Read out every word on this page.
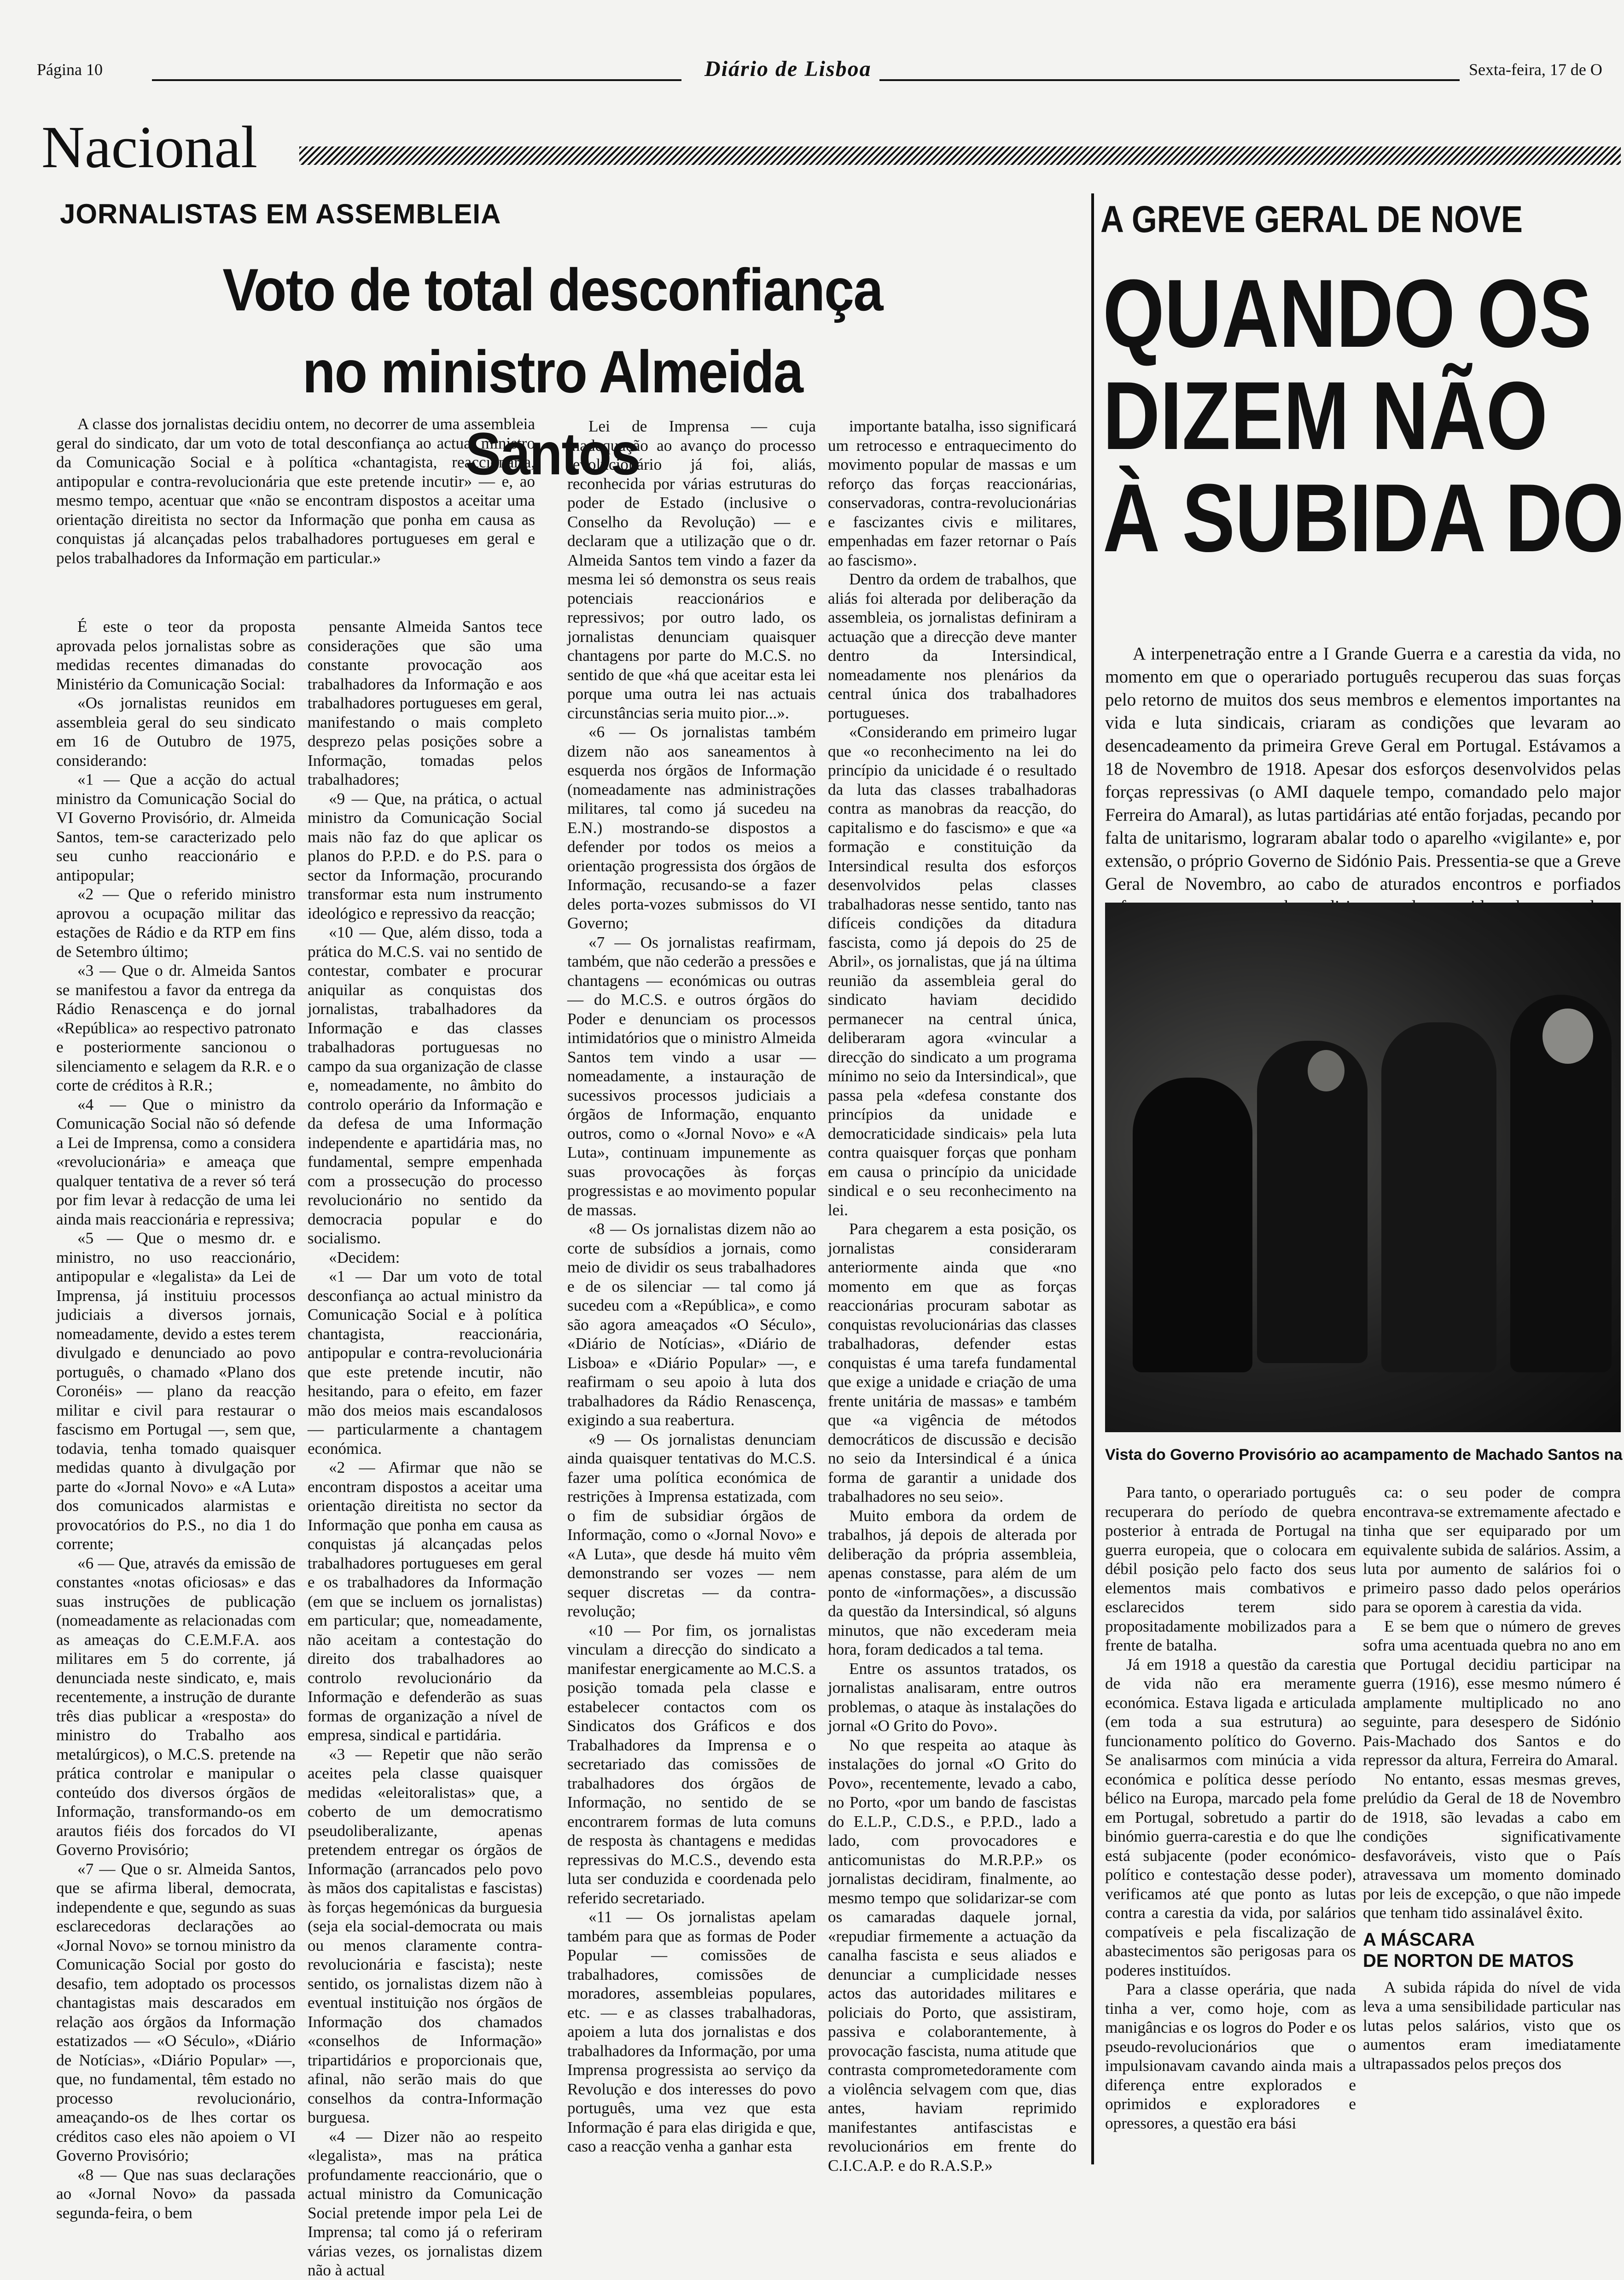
Página 10	Diário de Lisboa	Sexta-feira, 17 de O
Nacional
JORNALISTAS EM ASSEMBLEIA
Voto de total desconfiança
no ministro Almeida Santos

A classe dos jornalistas decidiu ontem, no decorrer de uma assembleia geral do sindicato, dar um voto de total desconfiança ao actual ministro da Comunicação Social e à política «chantagista, reaccionária, antipopular e contra-revolucionária que este pretende incutir» — e, ao mesmo tempo, acentuar que «não se encontram dispostos a aceitar uma orientação direitista no sector da Informação que ponha em causa as conquistas já alcançadas pelos trabalhadores portugueses em geral e pelos trabalhadores da Informação em particular.»

É este o teor da proposta aprovada pelos jornalistas sobre as medidas recentes dimanadas do Ministério da Comunicação Social:

«Os jornalistas reunidos em assembleia geral do seu sindicato em 16 de Outubro de 1975, considerando:

«1 — Que a acção do actual ministro da Comunicação Social do VI Governo Provisório, dr. Almeida Santos, tem-se caracterizado pelo seu cunho reaccionário e antipopular;

«2 — Que o referido ministro aprovou a ocupação militar das estações de Rádio e da RTP em fins de Setembro último;

«3 — Que o dr. Almeida Santos se manifestou a favor da entrega da Rádio Renascença e do jornal «República» ao respectivo patronato e posteriormente sancionou o silenciamento e selagem da R.R. e o corte de créditos à R.R.;

«4 — Que o ministro da Comunicação Social não só defende a Lei de Imprensa, como a considera «revolucionária» e ameaça que qualquer tentativa de a rever só terá por fim levar à redacção de uma lei ainda mais reaccionária e repressiva;

«5 — Que o mesmo dr. e ministro, no uso reaccionário, antipopular e «legalista» da Lei de Imprensa, já instituiu processos judiciais a diversos jornais, nomeadamente, devido a estes terem divulgado e denunciado ao povo português, o chamado «Plano dos Coronéis» — plano da reacção militar e civil para restaurar o fascismo em Portugal —, sem que, todavia, tenha tomado quaisquer medidas quanto à divulgação por parte do «Jornal Novo» e «A Luta» dos comunicados alarmistas e provocatórios do P.S., no dia 1 do corrente;

«6 — Que, através da emissão de constantes «notas oficiosas» e das suas instruções de publicação (nomeadamente as relacionadas com as ameaças do C.E.M.F.A. aos militares em 5 do corrente, já denunciada neste sindicato, e, mais recentemente, a instrução de durante três dias publicar a «resposta» do ministro do Trabalho aos metalúrgicos), o M.C.S. pretende na prática controlar e manipular o conteúdo dos diversos órgãos de Informação, transformando-os em arautos fiéis dos forcados do VI Governo Provisório;

«7 — Que o sr. Almeida Santos, que se afirma liberal, democrata, independente e que, segundo as suas esclarecedoras declarações ao «Jornal Novo» se tornou ministro da Comunicação Social por gosto do desafio, tem adoptado os processos chantagistas mais descarados em relação aos órgãos da Informação estatizados — «O Século», «Diário de Notícias», «Diário Popular» —, que, no fundamental, têm estado no processo revolucionário, ameaçando-os de lhes cortar os créditos caso eles não apoiem o VI Governo Provisório;

«8 — Que nas suas declarações ao «Jornal Novo» da passada segunda-feira, o bem

pensante Almeida Santos tece considerações que são uma constante provocação aos trabalhadores da Informação e aos trabalhadores portugueses em geral, manifestando o mais completo desprezo pelas posições sobre a Informação, tomadas pelos trabalhadores;

«9 — Que, na prática, o actual ministro da Comunicação Social mais não faz do que aplicar os planos do P.P.D. e do P.S. para o sector da Informação, procurando transformar esta num instrumento ideológico e repressivo da reacção;

«10 — Que, além disso, toda a prática do M.C.S. vai no sentido de contestar, combater e procurar aniquilar as conquistas dos jornalistas, trabalhadores da Informação e das classes trabalhadoras portuguesas no campo da sua organização de classe e, nomeadamente, no âmbito do controlo operário da Informação e da defesa de uma Informação independente e apartidária mas, no fundamental, sempre empenhada com a prossecução do processo revolucionário no sentido da democracia popular e do socialismo.

«Decidem:

«1 — Dar um voto de total desconfiança ao actual ministro da Comunicação Social e à política chantagista, reaccionária, antipopular e contra-revolucionária que este pretende incutir, não hesitando, para o efeito, em fazer mão dos meios mais escandalosos — particularmente a chantagem económica.

«2 — Afirmar que não se encontram dispostos a aceitar uma orientação direitista no sector da Informação que ponha em causa as conquistas já alcançadas pelos trabalhadores portugueses em geral e os trabalhadores da Informação (em que se incluem os jornalistas) em particular; que, nomeadamente, não aceitam a contestação do direito dos trabalhadores ao controlo revolucionário da Informação e defenderão as suas formas de organização a nível de empresa, sindical e partidária.

«3 — Repetir que não serão aceites pela classe quaisquer medidas «eleitoralistas» que, a coberto de um democratismo pseudoliberalizante, apenas pretendem entregar os órgãos de Informação (arrancados pelo povo às mãos dos capitalistas e fascistas) às forças hegemónicas da burguesia (seja ela social-democrata ou mais ou menos claramente contra-revolucionária e fascista); neste sentido, os jornalistas dizem não à eventual instituição nos órgãos de Informação dos chamados «conselhos de Informação» tripartidários e proporcionais que, afinal, não serão mais do que conselhos da contra-Informação burguesa.

«4 — Dizer não ao respeito «legalista», mas na prática profundamente reaccionário, que o actual ministro da Comunicação Social pretende impor pela Lei de Imprensa; tal como já o referiram várias vezes, os jornalistas dizem não à actual

Lei de Imprensa — cuja inadequação ao avanço do processo revolucionário já foi, aliás, reconhecida por várias estruturas do poder de Estado (inclusive o Conselho da Revolução) — e declaram que a utilização que o dr. Almeida Santos tem vindo a fazer da mesma lei só demonstra os seus reais potenciais reaccionários e repressivos; por outro lado, os jornalistas denunciam quaisquer chantagens por parte do M.C.S. no sentido de que «há que aceitar esta lei porque uma outra lei nas actuais circunstâncias seria muito pior...».

«6 — Os jornalistas também dizem não aos saneamentos à esquerda nos órgãos de Informação (nomeadamente nas administrações militares, tal como já sucedeu na E.N.) mostrando-se dispostos a defender por todos os meios a orientação progressista dos órgãos de Informação, recusando-se a fazer deles porta-vozes submissos do VI Governo;

«7 — Os jornalistas reafirmam, também, que não cederão a pressões e chantagens — económicas ou outras — do M.C.S. e outros órgãos do Poder e denunciam os processos intimidatórios que o ministro Almeida Santos tem vindo a usar — nomeadamente, a instauração de sucessivos processos judiciais a órgãos de Informação, enquanto outros, como o «Jornal Novo» e «A Luta», continuam impunemente as suas provocações às forças progressistas e ao movimento popular de massas.

«8 — Os jornalistas dizem não ao corte de subsídios a jornais, como meio de dividir os seus trabalhadores e de os silenciar — tal como já sucedeu com a «República», e como são agora ameaçados «O Século», «Diário de Notícias», «Diário de Lisboa» e «Diário Popular» —, e reafirmam o seu apoio à luta dos trabalhadores da Rádio Renascença, exigindo a sua reabertura.

«9 — Os jornalistas denunciam ainda quaisquer tentativas do M.C.S. fazer uma política económica de restrições à Imprensa estatizada, com o fim de subsidiar órgãos de Informação, como o «Jornal Novo» e «A Luta», que desde há muito vêm demonstrando ser vozes — nem sequer discretas — da contra-revolução;

«10 — Por fim, os jornalistas vinculam a direcção do sindicato a manifestar energicamente ao M.C.S. a posição tomada pela classe e estabelecer contactos com os Sindicatos dos Gráficos e dos Trabalhadores da Imprensa e o secretariado das comissões de trabalhadores dos órgãos de Informação, no sentido de se encontrarem formas de luta comuns de resposta às chantagens e medidas repressivas do M.C.S., devendo esta luta ser conduzida e coordenada pelo referido secretariado.

«11 — Os jornalistas apelam também para que as formas de Poder Popular — comissões de trabalhadores, comissões de moradores, assembleias populares, etc. — e as classes trabalhadoras, apoiem a luta dos jornalistas e dos trabalhadores da Informação, por uma Imprensa progressista ao serviço da Revolução e dos interesses do povo português, uma vez que esta Informação é para elas dirigida e que, caso a reacção venha a ganhar esta

importante batalha, isso significará um retrocesso e entraquecimento do movimento popular de massas e um reforço das forças reaccionárias, conservadoras, contra-revolucionárias e fascizantes civis e militares, empenhadas em fazer retornar o País ao fascismo».

Dentro da ordem de trabalhos, que aliás foi alterada por deliberação da assembleia, os jornalistas definiram a actuação que a direcção deve manter dentro da Intersindical, nomeadamente nos plenários da central única dos trabalhadores portugueses.

«Considerando em primeiro lugar que «o reconhecimento na lei do princípio da unicidade é o resultado da luta das classes trabalhadoras contra as manobras da reacção, do capitalismo e do fascismo» e que «a formação e constituição da Intersindical resulta dos esforços desenvolvidos pelas classes trabalhadoras nesse sentido, tanto nas difíceis condições da ditadura fascista, como já depois do 25 de Abril», os jornalistas, que já na última reunião da assembleia geral do sindicato haviam decidido permanecer na central única, deliberaram agora «vincular a direcção do sindicato a um programa mínimo no seio da Intersindical», que passa pela «defesa constante dos princípios da unidade e democraticidade sindicais» pela luta contra quaisquer forças que ponham em causa o princípio da unicidade sindical e o seu reconhecimento na lei.

Para chegarem a esta posição, os jornalistas consideraram anteriormente ainda que «no momento em que as forças reaccionárias procuram sabotar as conquistas revolucionárias das classes trabalhadoras, defender estas conquistas é uma tarefa fundamental que exige a unidade e criação de uma frente unitária de massas» e também que «a vigência de métodos democráticos de discussão e decisão no seio da Intersindical é a única forma de garantir a unidade dos trabalhadores no seu seio».

Muito embora da ordem de trabalhos, já depois de alterada por deliberação da própria assembleia, apenas constasse, para além de um ponto de «informações», a discussão da questão da Intersindical, só alguns minutos, que não excederam meia hora, foram dedicados a tal tema.

Entre os assuntos tratados, os jornalistas analisaram, entre outros problemas, o ataque às instalações do jornal «O Grito do Povo».

No que respeita ao ataque às instalações do jornal «O Grito do Povo», recentemente, levado a cabo, no Porto, «por um bando de fascistas do E.L.P., C.D.S., e P.P.D., lado a lado, com provocadores e anticomunistas do M.R.P.P.» os jornalistas decidiram, finalmente, ao mesmo tempo que solidarizar-se com os camaradas daquele jornal, «repudiar firmemente a actuação da canalha fascista e seus aliados e denunciar a cumplicidade nesses actos das autoridades militares e policiais do Porto, que assistiram, passiva e colaborantemente, à provocação fascista, numa atitude que contrasta comprometedoramente com a violência selvagem com que, dias antes, haviam reprimido manifestantes antifascistas e revolucionários em frente do C.I.C.A.P. e do R.A.S.P.»

A GREVE GERAL DE NOVE
QUANDO OS
DIZEM NÃO
À SUBIDA DO

A interpenetração entre a I Grande Guerra e a carestia da vida, no momento em que o operariado português recuperou das suas forças pelo retorno de muitos dos seus membros e elementos importantes na vida e luta sindicais, criaram as condições que levaram ao desencadeamento da primeira Greve Geral em Portugal. Estávamos a 18 de Novembro de 1918. Apesar dos esforços desenvolvidos pelas forças repressivas (o AMI daquele tempo, comandado pelo major Ferreira do Amaral), as lutas partidárias até então forjadas, pecando por falta de unitarismo, lograram abalar todo o aparelho «vigilante» e, por extensão, o próprio Governo de Sidónio Pais. Pressentia-se que a Greve Geral de Novembro, ao cabo de aturados encontros e porfiados

Vista do Governo Provisório ao acampamento de Machado Santos na

Para tanto, o operariado português recuperara do período de quebra posterior à entrada de Portugal na guerra europeia, que o colocara em débil posição pelo facto dos seus elementos mais combativos e esclarecidos terem sido propositadamente mobilizados para a frente de batalha.

Já em 1918 a questão da carestia de vida não era meramente económica. Estava ligada e articulada (em toda a sua estrutura) ao funcionamento político do Governo. Se analisarmos com minúcia a vida económica e política desse período bélico na Europa, marcado pela fome em Portugal, sobretudo a partir do binómio guerra-carestia e do que lhe está subjacente (poder económico-político e contestação desse poder), verificamos até que ponto as lutas contra a carestia da vida, por salários compatíveis e pela fiscalização de abastecimentos são perigosas para os poderes instituídos.

Para a classe operária, que nada tinha a ver, como hoje, com as manigâncias e os logros do Poder e os pseudo-revolucionários que o impulsionavam cavando ainda mais a diferença entre explorados e oprimidos e exploradores e opressores, a questão era bási

ca: o seu poder de compra encontrava-se extremamente afectado e tinha que ser equiparado por um equivalente subida de salários. Assim, a luta por aumento de salários foi o primeiro passo dado pelos operários para se oporem à carestia da vida.

E se bem que o número de greves sofra uma acentuada quebra no ano em que Portugal decidiu participar na guerra (1916), esse mesmo número é amplamente multiplicado no ano seguinte, para desespero de Sidónio Pais-Machado dos Santos e do repressor da altura, Ferreira do Amaral.

No entanto, essas mesmas greves, prelúdio da Geral de 18 de Novembro de 1918, são levadas a cabo em condições significativamente desfavoráveis, visto que o País atravessava um momento dominado por leis de excepção, o que não impede que tenham tido assinalável êxito.

A MÁSCARA
DE NORTON DE MATOS

A subida rápida do nível de vida leva a uma sensibilidade particular nas lutas pelos salários, visto que os aumentos eram imediatamente ultrapassados pelos preços dos
